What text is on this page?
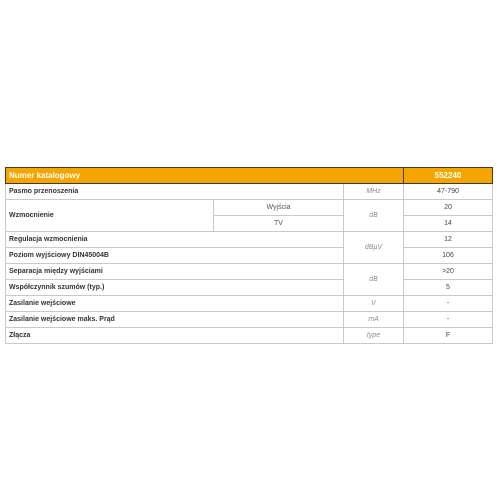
Numer katalogowy			552240
Pasmo przenoszenia		MHz	47-790
Wzmocnienie	Wyjścia	dB	20
	TV		14
Regulacja wzmocnienia		dBµV	12
Poziom wyjściowy DIN45004B			106
Separacja między wyjściami		dB	>20
Współczynnik szumów (typ.)			5
Zasilanie wejściowe		V	-
Zasilanie wejściowe maks. Prąd		mA	-
Złącza		type	F
